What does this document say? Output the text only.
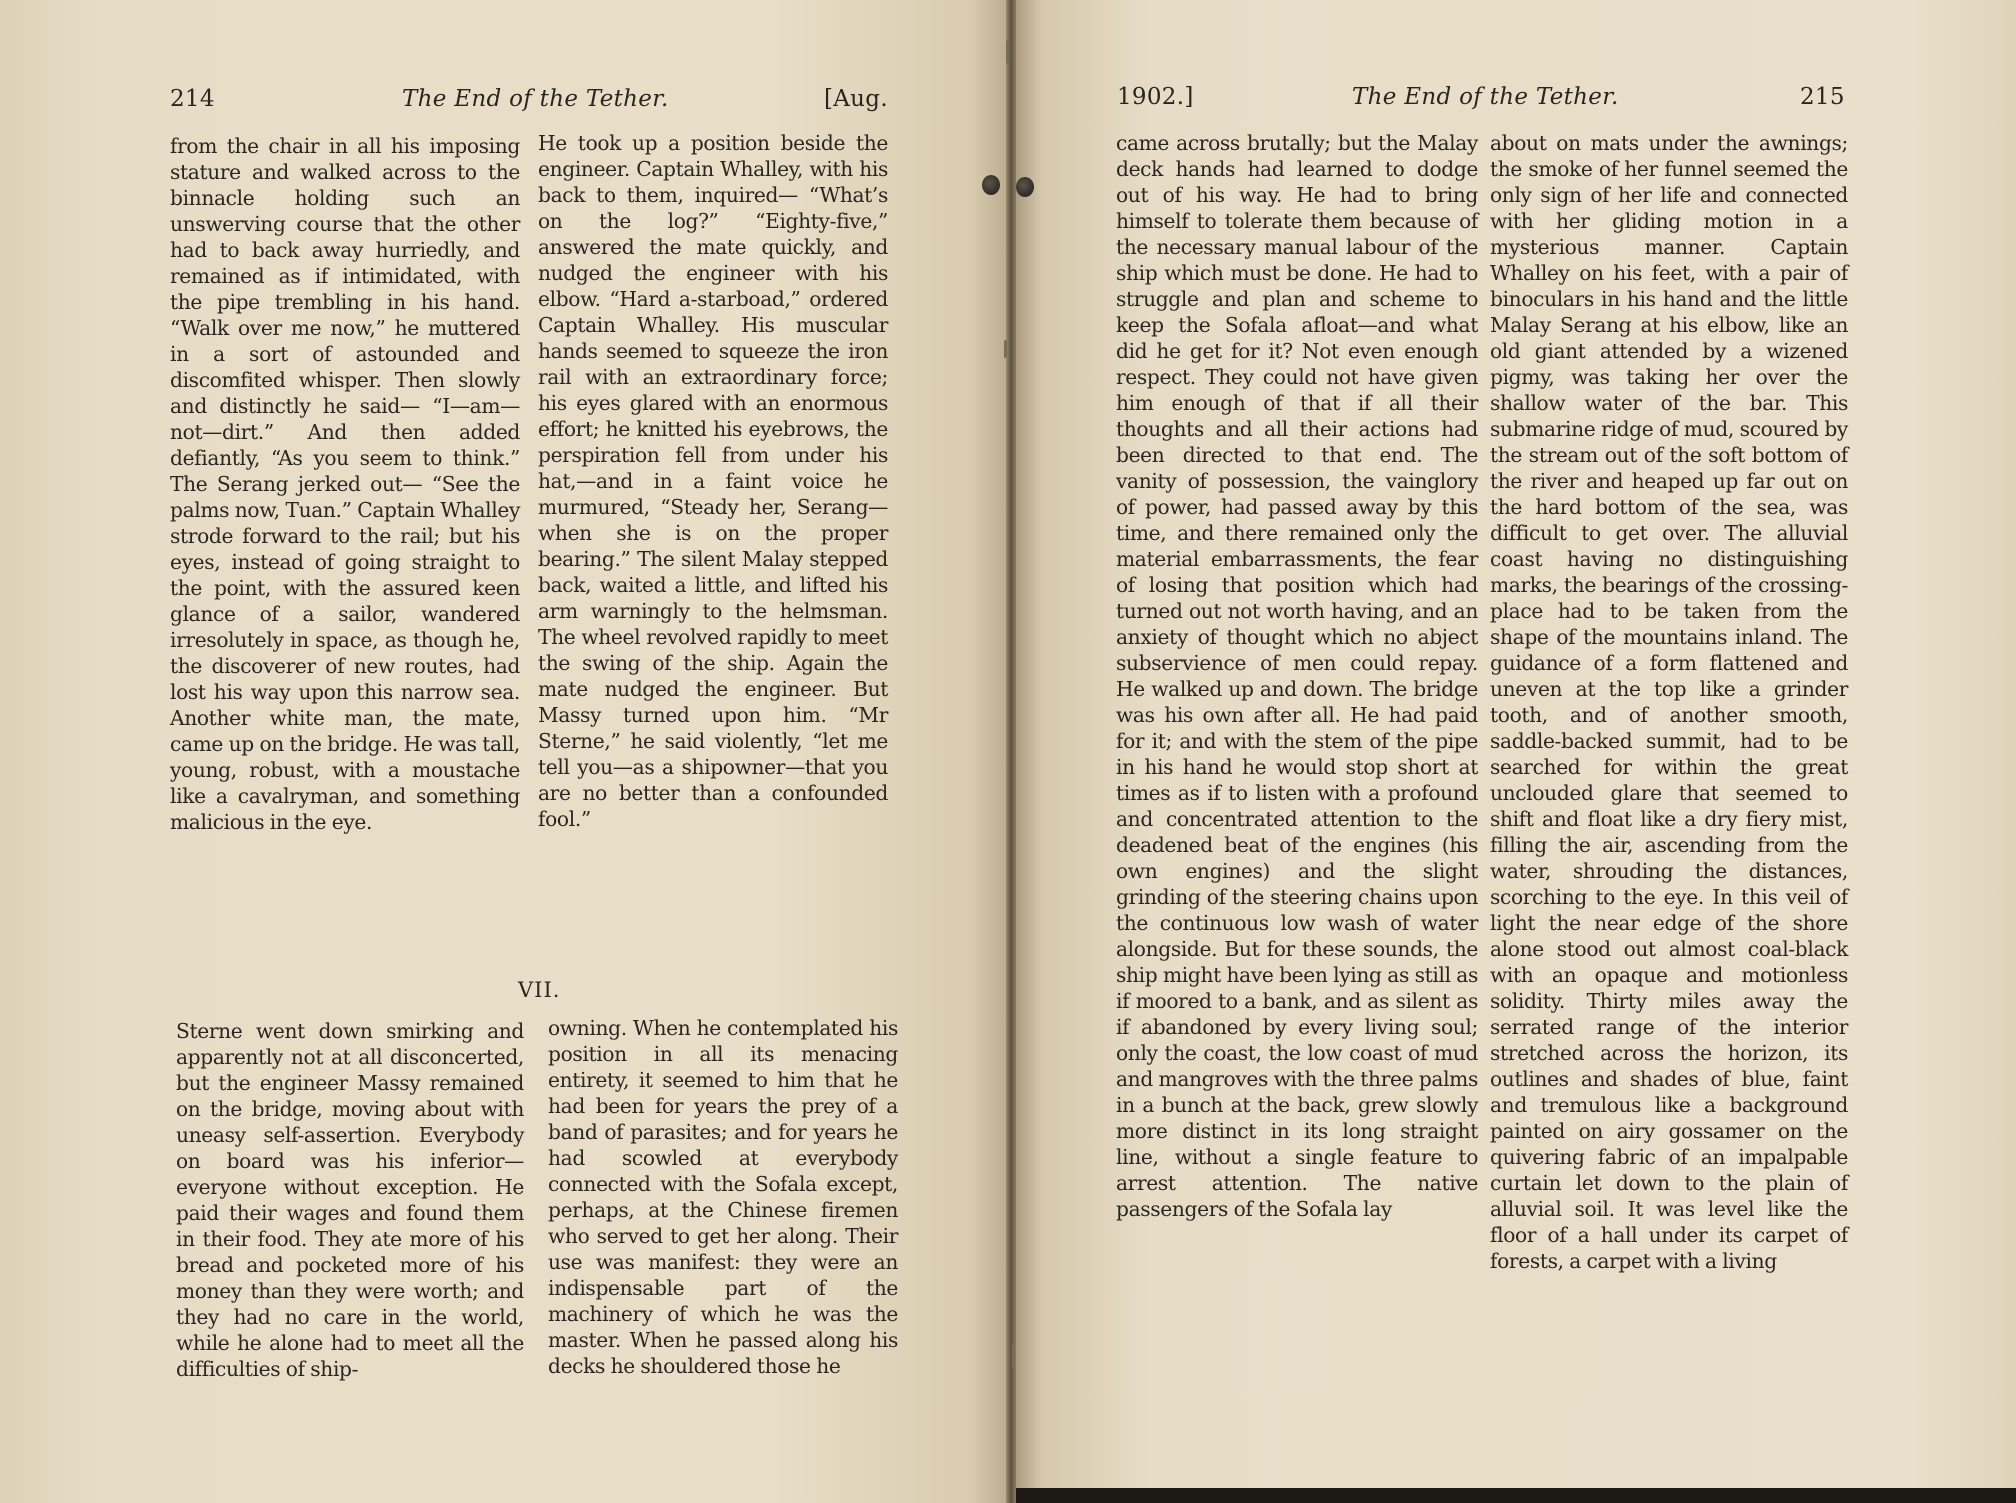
214	The End of the Tether.	[Aug.

from the chair in all his imposing stature and walked across to the binnacle holding such an unswerving course that the other had to back away hurriedly, and remained as if intimidated, with the pipe trembling in his hand. “Walk over me now,” he muttered in a sort of astounded and discomfited whisper. Then slowly and distinctly he said— “I—am—not—dirt.” And then added defiantly, “As you seem to think.” The Serang jerked out— “See the palms now, Tuan.” Captain Whalley strode forward to the rail; but his eyes, instead of going straight to the point, with the assured keen glance of a sailor, wandered irresolutely in space, as though he, the discoverer of new routes, had lost his way upon this narrow sea. Another white man, the mate, came up on the bridge. He was tall, young, robust, with a moustache like a cavalryman, and something malicious in the eye.

He took up a position beside the engineer. Captain Whalley, with his back to them, inquired— “What’s on the log?” “Eighty-five,” answered the mate quickly, and nudged the engineer with his elbow. “Hard a-starboad,” ordered Captain Whalley. His muscular hands seemed to squeeze the iron rail with an extraordinary force; his eyes glared with an enormous effort; he knitted his eyebrows, the perspiration fell from under his hat,—and in a faint voice he murmured, “Steady her, Serang—when she is on the proper bearing.” The silent Malay stepped back, waited a little, and lifted his arm warningly to the helmsman. The wheel revolved rapidly to meet the swing of the ship. Again the mate nudged the engineer. But Massy turned upon him. “Mr Sterne,” he said violently, “let me tell you—as a shipowner—that you are no better than a confounded fool.”

VII.

Sterne went down smirking and apparently not at all disconcerted, but the engineer Massy remained on the bridge, moving about with uneasy self-assertion. Everybody on board was his inferior—everyone without exception. He paid their wages and found them in their food. They ate more of his bread and pocketed more of his money than they were worth; and they had no care in the world, while he alone had to meet all the difficulties of ship-

owning. When he contemplated his position in all its menacing entirety, it seemed to him that he had been for years the prey of a band of parasites; and for years he had scowled at everybody connected with the Sofala except, perhaps, at the Chinese firemen who served to get her along. Their use was manifest: they were an indispensable part of the machinery of which he was the master. When he passed along his decks he shouldered those he

1902.]	The End of the Tether.	215

came across brutally; but the Malay deck hands had learned to dodge out of his way. He had to bring himself to tolerate them because of the necessary manual labour of the ship which must be done. He had to struggle and plan and scheme to keep the Sofala afloat—and what did he get for it? Not even enough respect. They could not have given him enough of that if all their thoughts and all their actions had been directed to that end. The vanity of possession, the vainglory of power, had passed away by this time, and there remained only the material embarrassments, the fear of losing that position which had turned out not worth having, and an anxiety of thought which no abject subservience of men could repay. He walked up and down. The bridge was his own after all. He had paid for it; and with the stem of the pipe in his hand he would stop short at times as if to listen with a profound and concentrated attention to the deadened beat of the engines (his own engines) and the slight grinding of the steering chains upon the continuous low wash of water alongside. But for these sounds, the ship might have been lying as still as if moored to a bank, and as silent as if abandoned by every living soul; only the coast, the low coast of mud and mangroves with the three palms in a bunch at the back, grew slowly more distinct in its long straight line, without a single feature to arrest attention. The native passengers of the Sofala lay

about on mats under the awnings; the smoke of her funnel seemed the only sign of her life and connected with her gliding motion in a mysterious manner. Captain Whalley on his feet, with a pair of binoculars in his hand and the little Malay Serang at his elbow, like an old giant attended by a wizened pigmy, was taking her over the shallow water of the bar. This submarine ridge of mud, scoured by the stream out of the soft bottom of the river and heaped up far out on the hard bottom of the sea, was difficult to get over. The alluvial coast having no distinguishing marks, the bearings of the crossing-place had to be taken from the shape of the mountains inland. The guidance of a form flattened and uneven at the top like a grinder tooth, and of another smooth, saddle-backed summit, had to be searched for within the great unclouded glare that seemed to shift and float like a dry fiery mist, filling the air, ascending from the water, shrouding the distances, scorching to the eye. In this veil of light the near edge of the shore alone stood out almost coal-black with an opaque and motionless solidity. Thirty miles away the serrated range of the interior stretched across the horizon, its outlines and shades of blue, faint and tremulous like a background painted on airy gossamer on the quivering fabric of an impalpable curtain let down to the plain of alluvial soil. It was level like the floor of a hall under its carpet of forests, a carpet with a living
